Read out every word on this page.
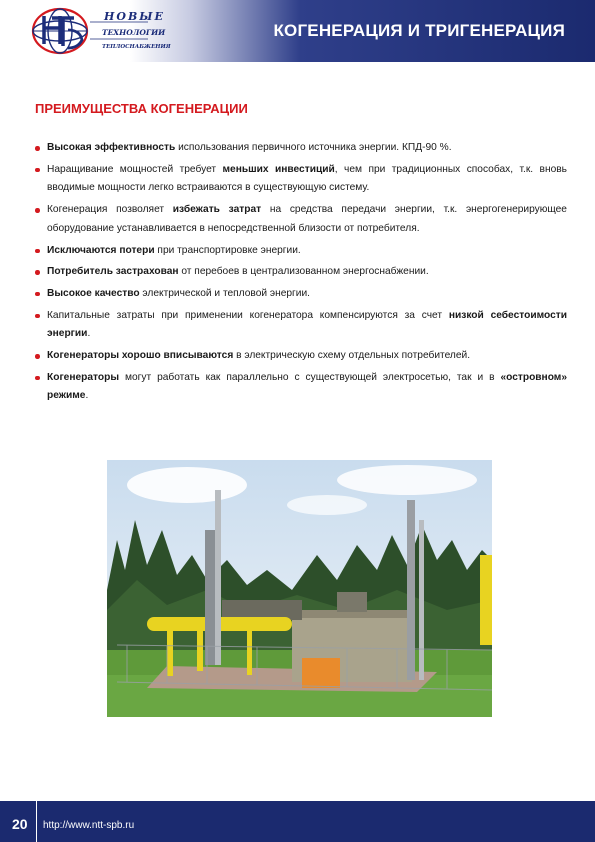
НОВЫЕ
ТЕХНОЛОГИИ
ТЕПЛОСНАБЖЕНИЯ
КОГЕНЕРАЦИЯ И ТРИГЕНЕРАЦИЯ
ПРЕИМУЩЕСТВА КОГЕНЕРАЦИИ
Высокая эффективность использования первичного источника энергии. КПД-90 %.
Наращивание мощностей требует меньших инвестиций, чем при традиционных способах, т.к. вновь вводимые мощности легко встраиваются в существующую систему.
Когенерация позволяет избежать затрат на средства передачи энергии, т.к. энергогенерирующее оборудование устанавливается в непосредственной близости от потребителя.
Исключаются потери при транспортировке энергии.
Потребитель застрахован от перебоев в централизованном энергоснабжении.
Высокое качество электрической и тепловой энергии.
Капитальные затраты при применении когенератора компенсируются за счет низкой себестоимости энергии.
Когенераторы хорошо вписываются в электрическую схему отдельных потребителей.
Когенераторы могут работать как параллельно с существующей электросетью, так и в «островном» режиме.
20 http://www.ntt-spb.ru
